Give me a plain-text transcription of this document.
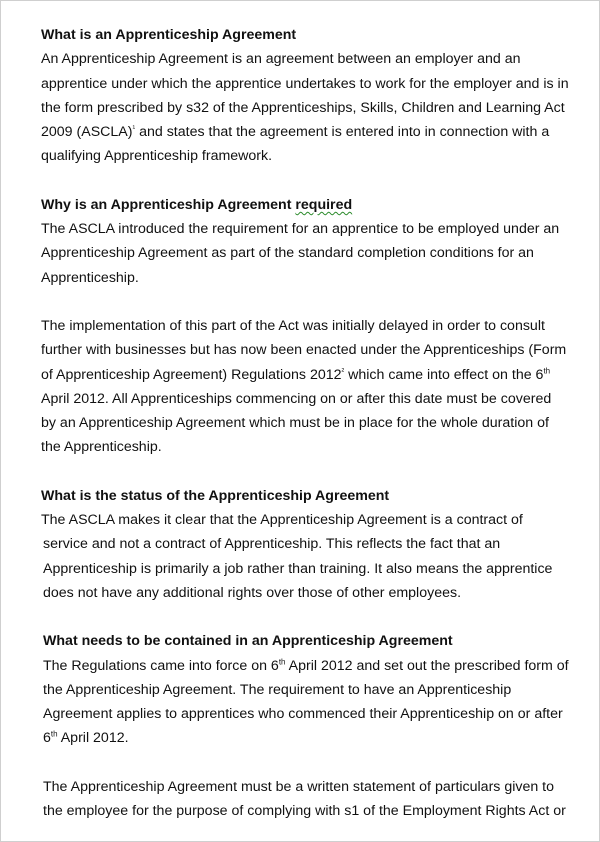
What is an Apprenticeship Agreement

An Apprenticeship Agreement is an agreement between an employer and an
apprentice under which the apprentice undertakes to work for the employer and is in
the form prescribed by s32 of the Apprenticeships, Skills, Children and Learning Act
2009 (ASCLA)$^{^1}$ and states that the agreement is entered into in connection with a
qualifying Apprenticeship framework.

Why is an Apprenticeship Agreement required

The ASCLA introduced the requirement for an apprentice to be employed under an
Apprenticeship Agreement as part of the standard completion conditions for an
Apprenticeship.

The implementation of this part of the Act was initially delayed in order to consult
further with businesses but has now been enacted under the Apprenticeships (Form
of Apprenticeship Agreement) Regulations $2012^{^2}$ which came into effect on the 6th
April 2012. All Apprenticeships commencing on or after this date must be covered
by an Apprenticeship Agreement which must be in place for the whole duration of
the Apprenticeship.

What is the status of the Apprenticeship Agreement

The ASCLA makes it clear that the Apprenticeship Agreement is a contract of
service and not a contract of Apprenticeship. This reflects the fact that an
Apprenticeship is primarily a job rather than training. It also means the apprentice
does not have any additional rights over those of other employees.

What needs to be contained in an Apprenticeship Agreement

The Regulations came into force on 6th April 2012 and set out the prescribed form of
the Apprenticeship Agreement. The requirement to have an Apprenticeship
Agreement applies to apprentices who commenced their Apprenticeship on or after
6th April 2012.

The Apprenticeship Agreement must be a written statement of particulars given to
the employee for the purpose of complying with s1 of the Employment Rights Act or
